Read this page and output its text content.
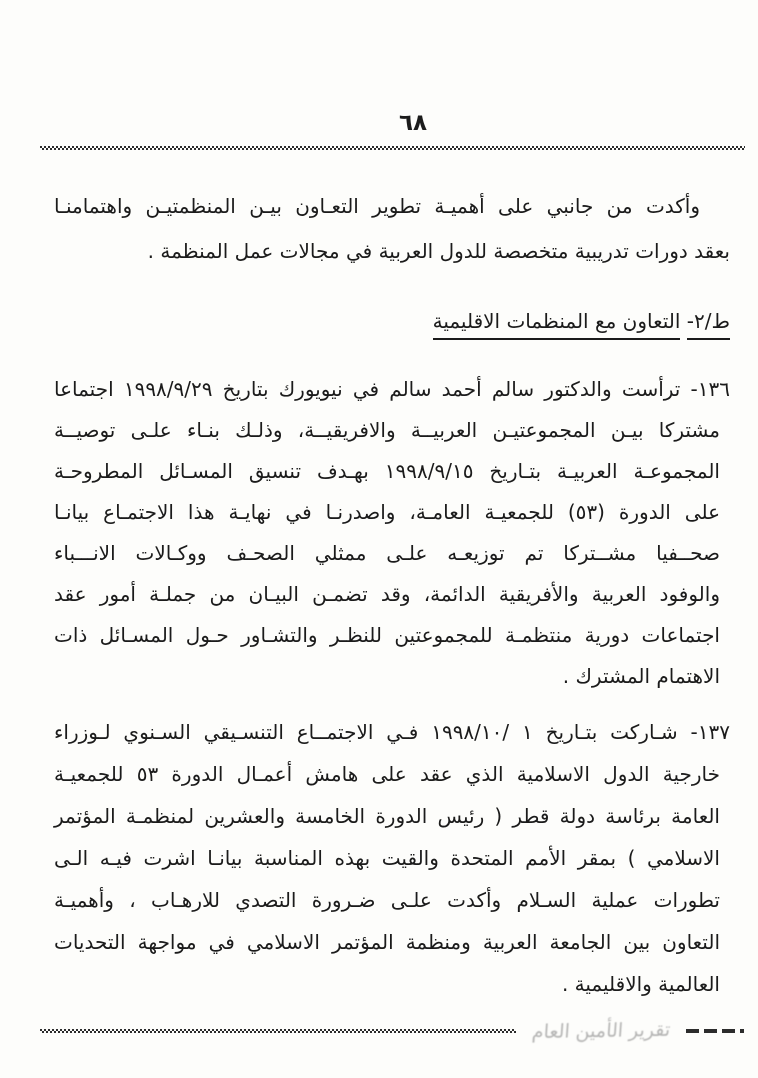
٦٨
وأكدت من جانبي على أهميـة تطوير التعـاون بيـن المنظمتيـن واهتمامنـا
بعقد دورات تدريبية متخصصة للدول العربية في مجالات عمل المنظمة .
ط/٢- التعاون مع المنظمات الاقليمية
١٣٦- ترأست والدكتور سالم أحمد سالم في نيويورك بتاريخ ١٩٩٨/٩/٢٩ اجتماعا
مشتركا بيـن المجموعتيـن العربيــة والافريقيــة، وذلـك بنـاء علـى توصيــة
المجموعـة العربيـة بتـاريخ ١٩٩٨/٩/١٥ بهـدف تنسيق المسـائل المطروحـة
على الدورة (٥٣) للجمعيـة العامـة، واصدرنـا في نهايـة هذا الاجتمـاع بيانـا
صحــفيا مشــتركا تم توزيعـه علـى ممثلي الصحـف ووكـالات الانـــباء
والوفود العربية والأفريقية الدائمة، وقد تضمـن البيـان من جملـة أمور عقد
اجتماعات دورية منتظمـة للمجموعتين للنظـر والتشـاور حـول المسـائل ذات
الاهتمام المشترك .
١٣٧- شـاركت بتـاريخ ١ /١٩٩٨/١٠ فـي الاجتمــاع التنسـيقي السـنوي لـوزراء
خارجية الدول الاسلامية الذي عقد على هامش أعمـال الدورة ٥٣ للجمعيـة
العامة برئاسة دولة قطر ( رئيس الدورة الخامسة والعشرين لمنظمـة المؤتمر
الاسلامي ) بمقر الأمم المتحدة والقيت بهذه المناسبة بيانـا اشرت فيـه الـى
تطورات عملية السـلام وأكدت علـى ضـرورة التصدي للارهـاب ، وأهميـة
التعاون بين الجامعة العربية ومنظمة المؤتمر الاسلامي في مواجهة التحديات
العالمية والاقليمية .
تقرير الأمين العام
